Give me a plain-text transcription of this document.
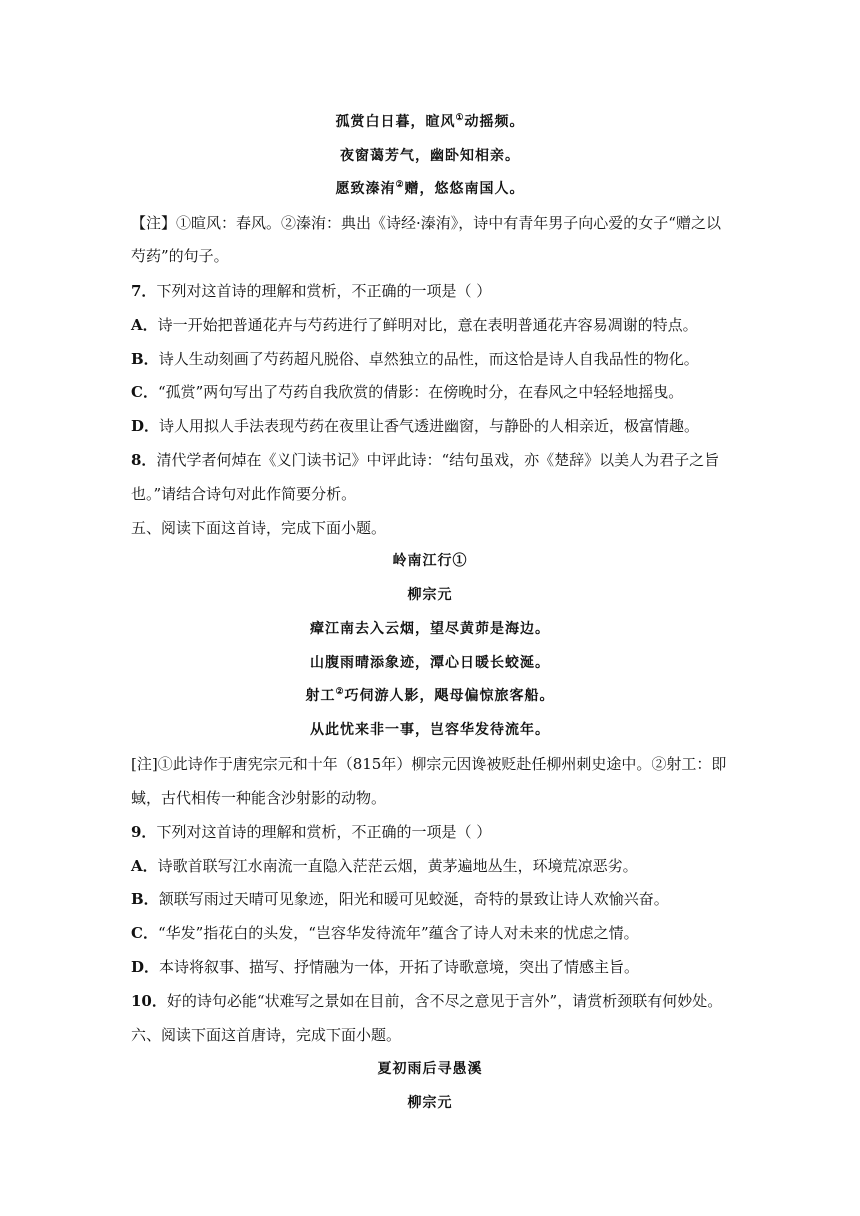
孤赏白日暮，暄风①动摇频。
夜窗蔼芳气，幽卧知相亲。
愿致溱洧②赠，悠悠南国人。
【注】①暄风：春风。②溱洧：典出《诗经·溱洧》，诗中有青年男子向心爱的女子“赠之以
芍药”的句子。
7．下列对这首诗的理解和赏析，不正确的一项是（ ）
A．诗一开始把普通花卉与芍药进行了鲜明对比，意在表明普通花卉容易凋谢的特点。
B．诗人生动刻画了芍药超凡脱俗、卓然独立的品性，而这恰是诗人自我品性的物化。
C．“孤赏”两句写出了芍药自我欣赏的倩影：在傍晚时分，在春风之中轻轻地摇曳。
D．诗人用拟人手法表现芍药在夜里让香气透进幽窗，与静卧的人相亲近，极富情趣。
8．清代学者何焯在《义门读书记》中评此诗：“结句虽戏，亦《楚辞》以美人为君子之旨
也。”请结合诗句对此作简要分析。
五、阅读下面这首诗，完成下面小题。
岭南江行①
柳宗元
瘴江南去入云烟，望尽黄茆是海边。
山腹雨晴添象迹，潭心日暖长蛟涎。
射工②巧伺游人影，飓母偏惊旅客船。
从此忧来非一事，岂容华发待流年。
[注]①此诗作于唐宪宗元和十年（815年）柳宗元因谗被贬赴任柳州刺史途中。②射工：即
蜮，古代相传一种能含沙射影的动物。
9．下列对这首诗的理解和赏析，不正确的一项是（ ）
A．诗歌首联写江水南流一直隐入茫茫云烟，黄茅遍地丛生，环境荒凉恶劣。
B．颔联写雨过天晴可见象迹，阳光和暖可见蛟涎，奇特的景致让诗人欢愉兴奋。
C．“华发”指花白的头发，“岂容华发待流年”蕴含了诗人对未来的忧虑之情。
D．本诗将叙事、描写、抒情融为一体，开拓了诗歌意境，突出了情感主旨。
10．好的诗句必能“状难写之景如在目前，含不尽之意见于言外”，请赏析颈联有何妙处。
六、阅读下面这首唐诗，完成下面小题。
夏初雨后寻愚溪
柳宗元
